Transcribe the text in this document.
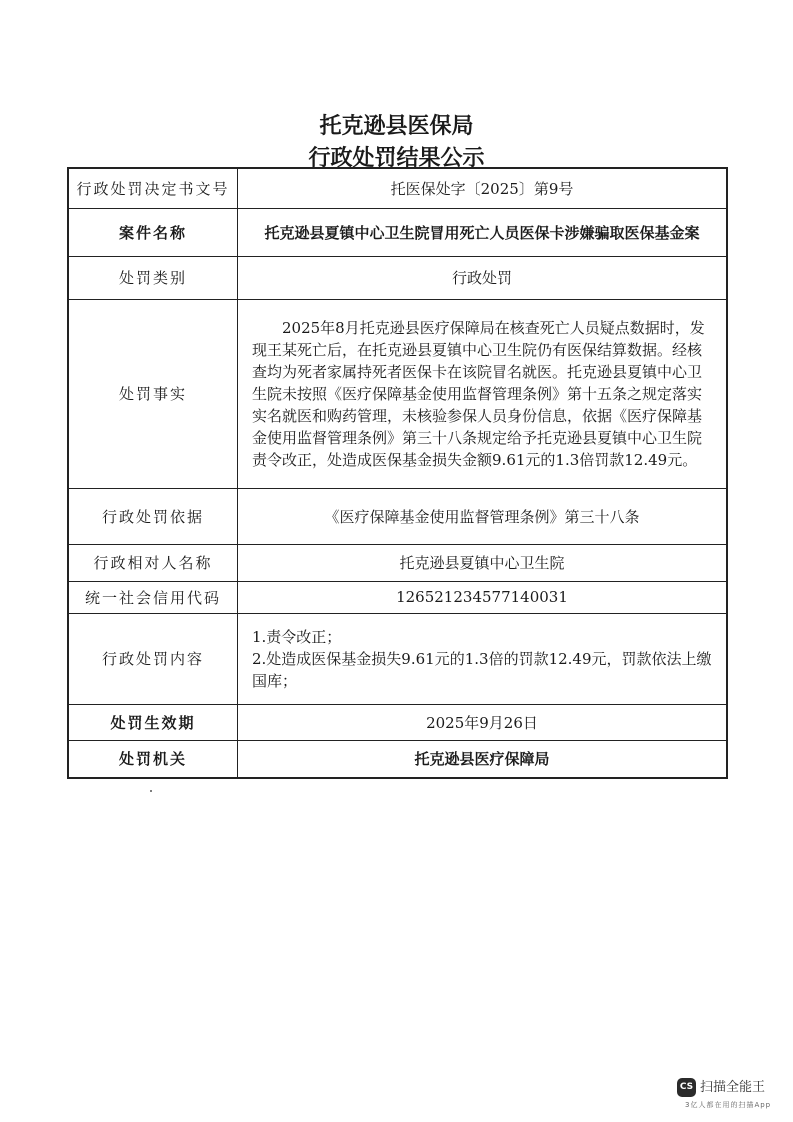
托克逊县医保局
行政处罚结果公示
行政处罚决定书文号	托医保处字〔2025〕第9号
案件名称	托克逊县夏镇中心卫生院冒用死亡人员医保卡涉嫌骗取医保基金案
处罚类别	行政处罚
处罚事实	2025年8月托克逊县医疗保障局在核查死亡人员疑点数据时，发现王某死亡后，在托克逊县夏镇中心卫生院仍有医保结算数据。经核查均为死者家属持死者医保卡在该院冒名就医。托克逊县夏镇中心卫生院未按照《医疗保障基金使用监督管理条例》第十五条之规定落实实名就医和购药管理，未核验参保人员身份信息，依据《医疗保障基金使用监督管理条例》第三十八条规定给予托克逊县夏镇中心卫生院责令改正，处造成医保基金损失金额9.61元的1.3倍罚款12.49元。
行政处罚依据	《医疗保障基金使用监督管理条例》第三十八条
行政相对人名称	托克逊县夏镇中心卫生院
统一社会信用代码	126521234577140031
行政处罚内容	1.责令改正；
2.处造成医保基金损失9.61元的1.3倍的罚款12.49元，罚款依法上缴国库；

处罚生效期	2025年9月26日
处罚机关	托克逊县医疗保障局
CS 扫描全能王
3亿人都在用的扫描App
